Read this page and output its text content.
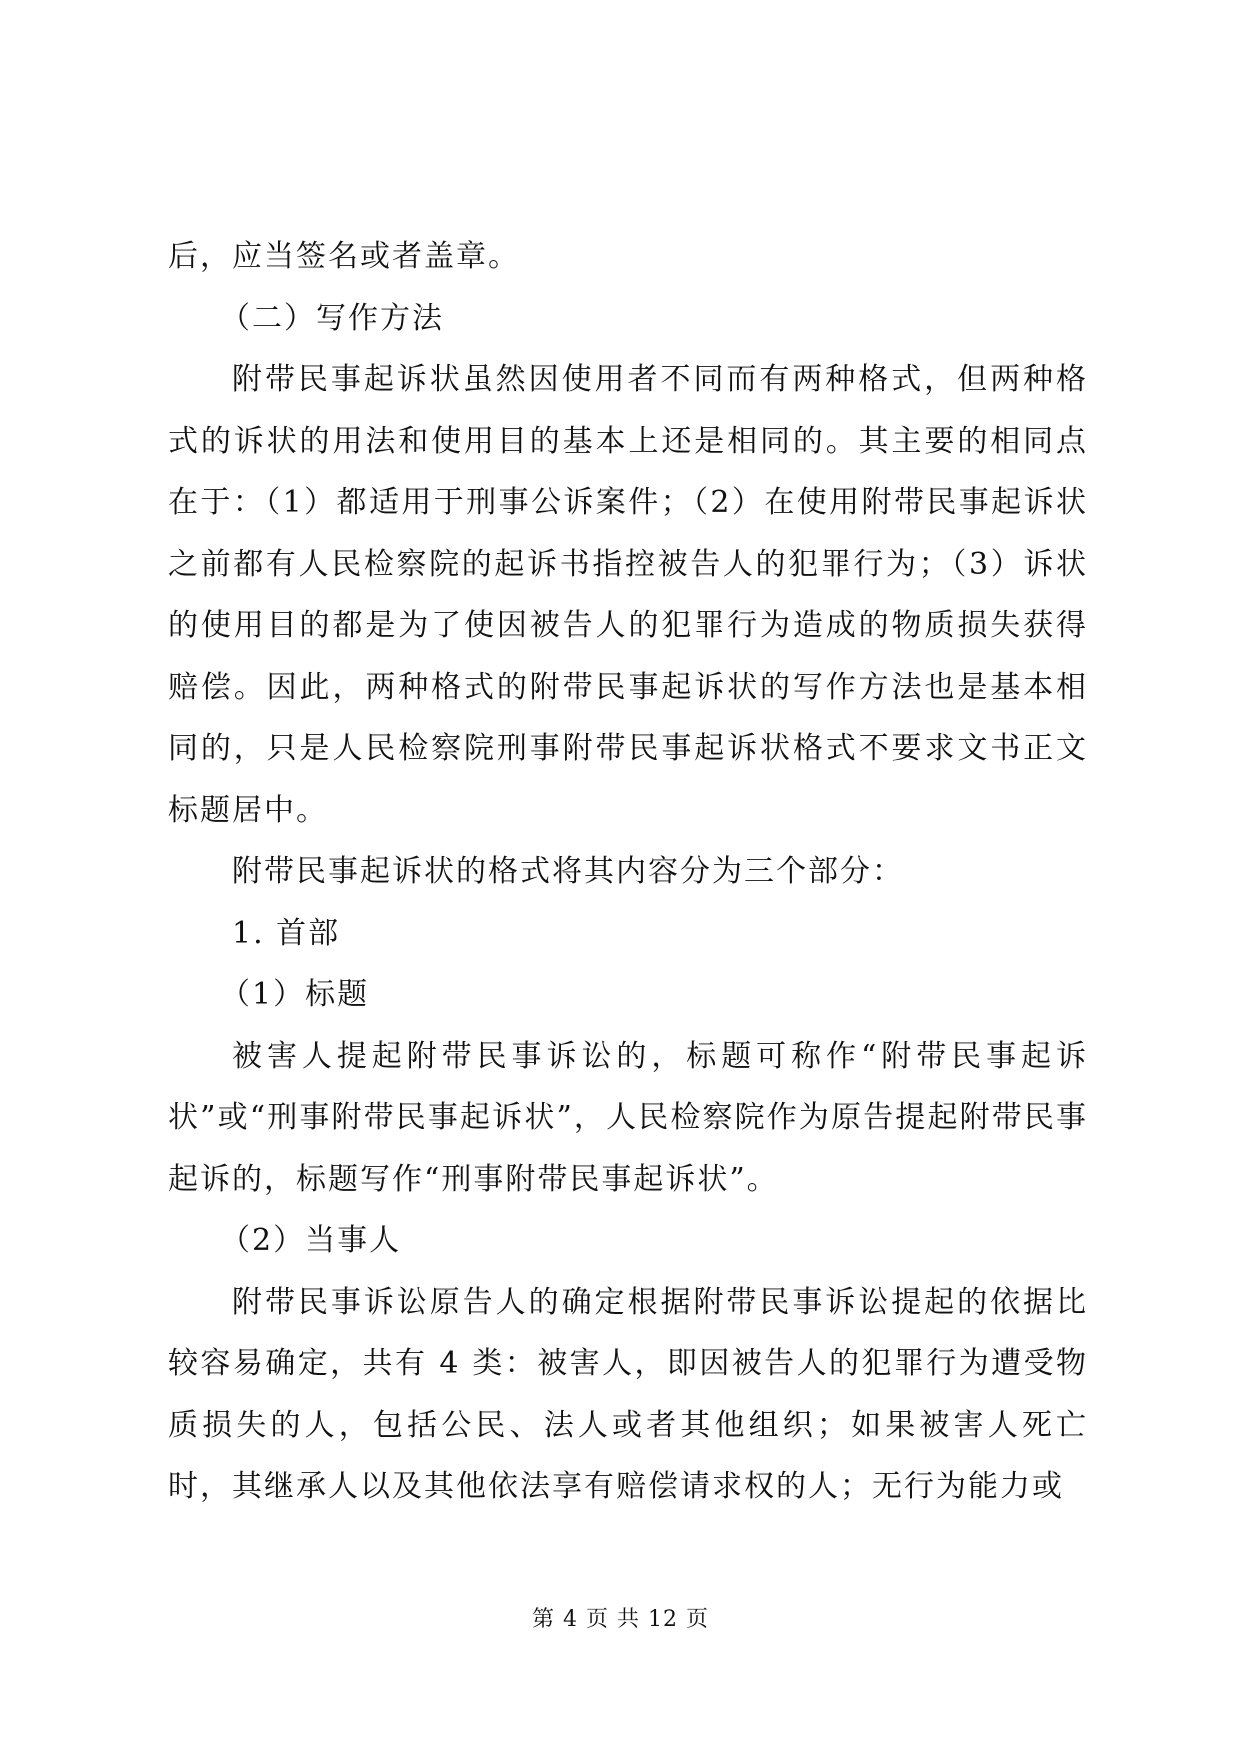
后，应当签名或者盖章。

（二）写作方法

附带民事起诉状虽然因使用者不同而有两种格式，但两种格式的诉状的用法和使用目的基本上还是相同的。其主要的相同点在于：（1）都适用于刑事公诉案件；（2）在使用附带民事起诉状之前都有人民检察院的起诉书指控被告人的犯罪行为；（3）诉状的使用目的都是为了使因被告人的犯罪行为造成的物质损失获得赔偿。因此，两种格式的附带民事起诉状的写作方法也是基本相同的，只是人民检察院刑事附带民事起诉状格式不要求文书正文标题居中。

附带民事起诉状的格式将其内容分为三个部分：

1. 首部

（1）标题

被害人提起附带民事诉讼的，标题可称作“附带民事起诉状”或“刑事附带民事起诉状”，人民检察院作为原告提起附带民事起诉的，标题写作“刑事附带民事起诉状”。

（2）当事人

附带民事诉讼原告人的确定根据附带民事诉讼提起的依据比较容易确定，共有 4 类：被害人，即因被告人的犯罪行为遭受物质损失的人，包括公民、法人或者其他组织；如果被害人死亡时，其继承人以及其他依法享有赔偿请求权的人；无行为能力或

第 4 页 共 12 页
